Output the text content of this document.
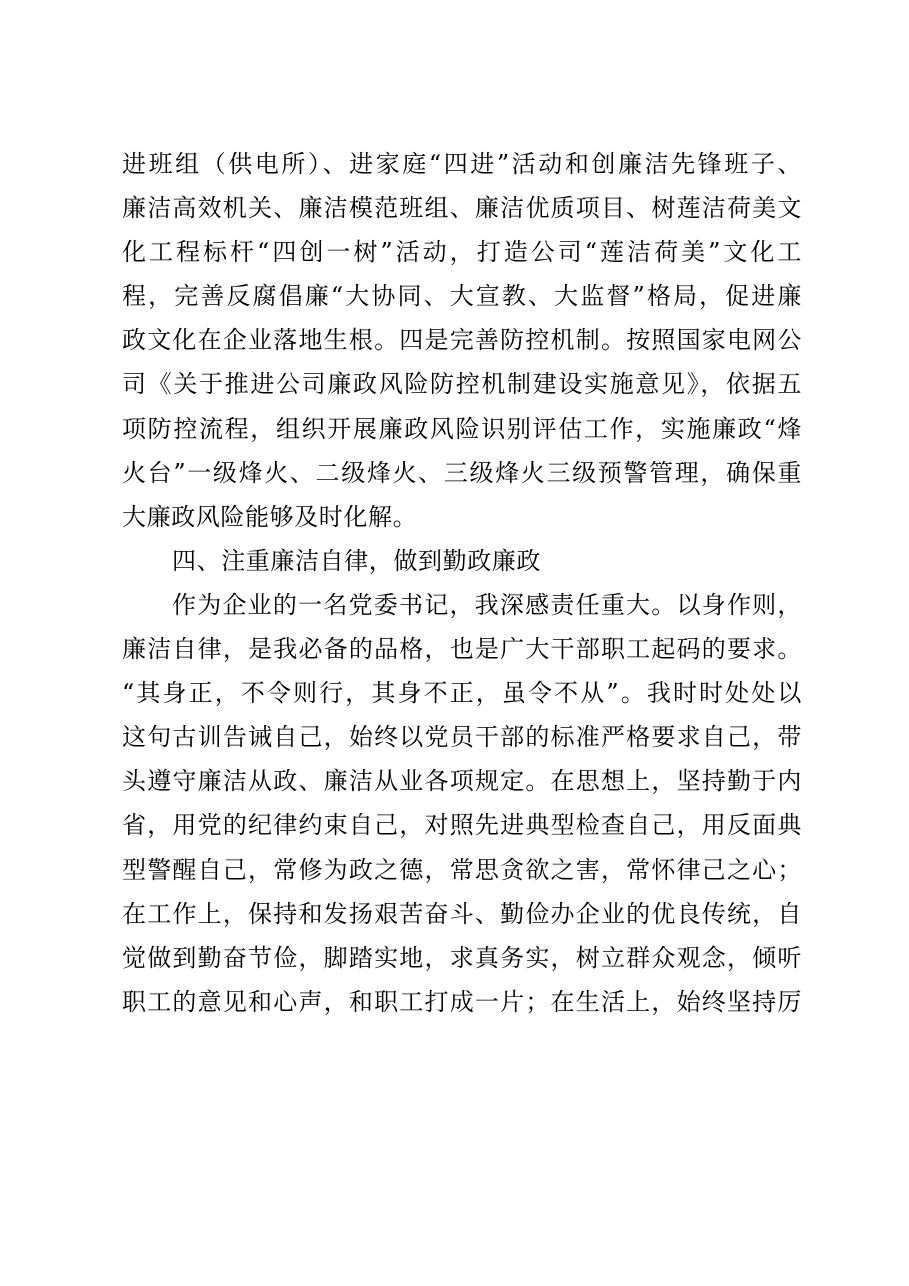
进班组（供电所）、进家庭“四进”活动和创廉洁先锋班子、
廉洁高效机关、廉洁模范班组、廉洁优质项目、树莲洁荷美文
化工程标杆“四创一树”活动，打造公司“莲洁荷美”文化工
程，完善反腐倡廉“大协同、大宣教、大监督”格局，促进廉
政文化在企业落地生根。四是完善防控机制。按照国家电网公
司《关于推进公司廉政风险防控机制建设实施意见》，依据五
项防控流程，组织开展廉政风险识别评估工作，实施廉政“烽
火台”一级烽火、二级烽火、三级烽火三级预警管理，确保重
大廉政风险能够及时化解。
四、注重廉洁自律，做到勤政廉政
作为企业的一名党委书记，我深感责任重大。以身作则，
廉洁自律，是我必备的品格，也是广大干部职工起码的要求。
“其身正，不令则行，其身不正，虽令不从”。我时时处处以
这句古训告诫自己，始终以党员干部的标准严格要求自己，带
头遵守廉洁从政、廉洁从业各项规定。在思想上，坚持勤于内
省，用党的纪律约束自己，对照先进典型检查自己，用反面典
型警醒自己，常修为政之德，常思贪欲之害，常怀律己之心；
在工作上，保持和发扬艰苦奋斗、勤俭办企业的优良传统，自
觉做到勤奋节俭，脚踏实地，求真务实，树立群众观念，倾听
职工的意见和心声，和职工打成一片；在生活上，始终坚持厉
